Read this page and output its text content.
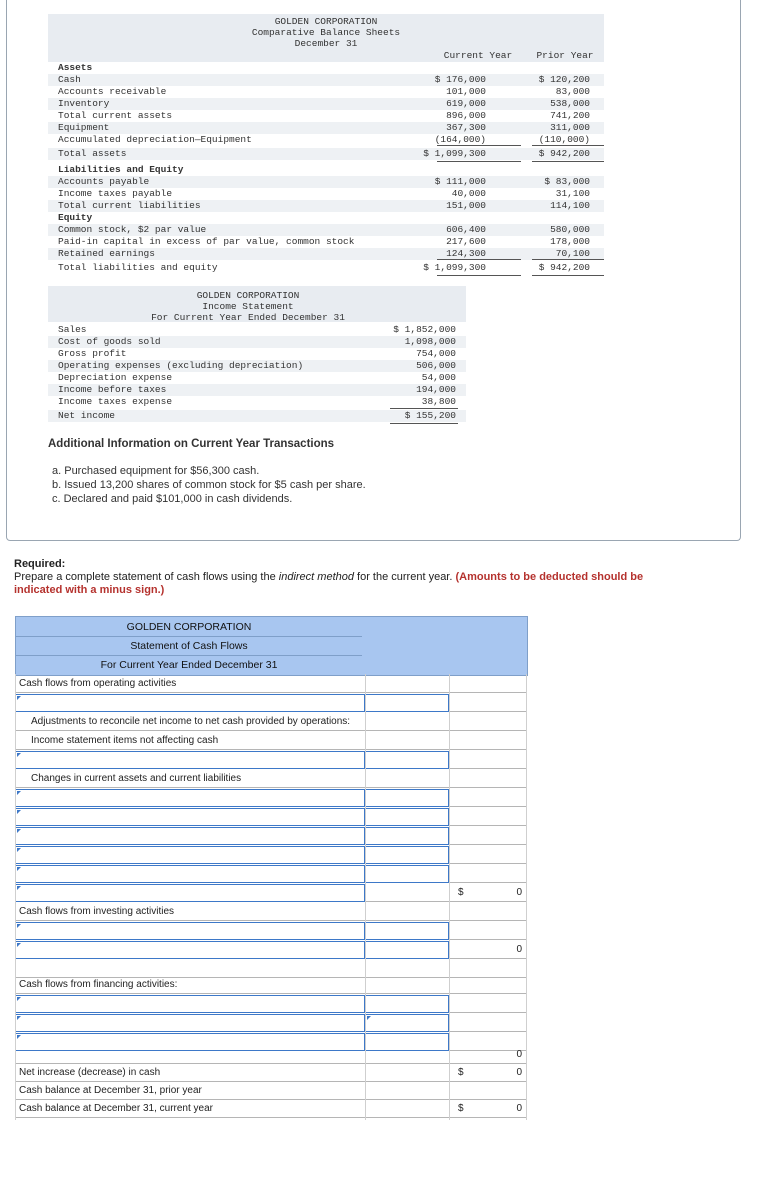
GOLDEN CORPORATION
Comparative Balance Sheets
December 31
Current Year	Prior Year
Assets
Cash	$ 176,000	$ 120,200
Accounts receivable	101,000	83,000
Inventory	619,000	538,000
Total current assets	896,000	741,200
Equipment	367,300	311,000
Accumulated depreciation—Equipment	(164,000)	(110,000)
Total assets	$ 1,099,300	$ 942,200
Liabilities and Equity
Accounts payable	$ 111,000	$ 83,000
Income taxes payable	40,000	31,100
Total current liabilities	151,000	114,100
Equity
Common stock, $2 par value	606,400	580,000
Paid-in capital in excess of par value, common stock	217,600	178,000
Retained earnings	124,300	70,100
Total liabilities and equity	$ 1,099,300	$ 942,200
GOLDEN CORPORATION
Income Statement
For Current Year Ended December 31
Sales	$ 1,852,000
Cost of goods sold	1,098,000
Gross profit	754,000
Operating expenses (excluding depreciation)	506,000
Depreciation expense	54,000
Income before taxes	194,000
Income taxes expense	38,800
Net income	$ 155,200
Additional Information on Current Year Transactions
a. Purchased equipment for $56,300 cash.
b. Issued 13,200 shares of common stock for $5 cash per share.
c. Declared and paid $101,000 in cash dividends.
Required:
Prepare a complete statement of cash flows using the indirect method for the current year. (Amounts to be deducted should be
indicated with a minus sign.)
GOLDEN CORPORATION
Statement of Cash Flows
For Current Year Ended December 31
Cash flows from operating activities
Adjustments to reconcile net income to net cash provided by operations:
Income statement items not affecting cash
Changes in current assets and current liabilities
$	0
Cash flows from investing activities
0
Cash flows from financing activities:
0
Net increase (decrease) in cash	$	0
Cash balance at December 31, prior year
Cash balance at December 31, current year	$	0
